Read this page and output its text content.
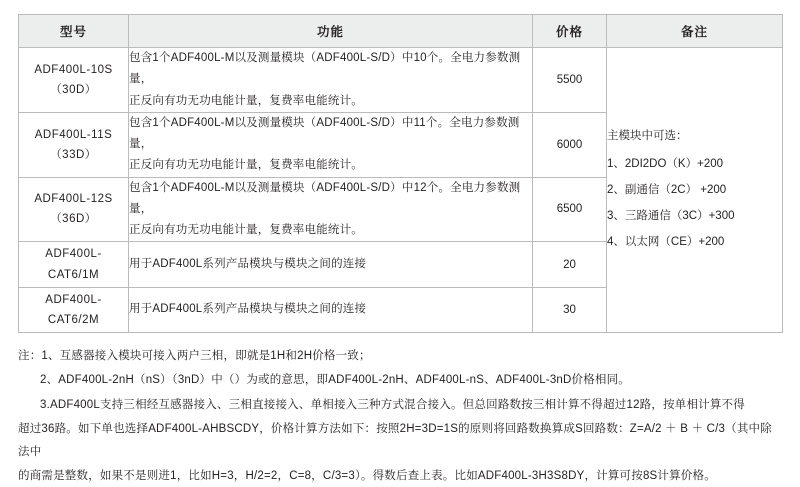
型号	功能	价格	备注

ADF400L-10S
（30D）	包含1个ADF400L-M以及测量模块（ADF400L-S/D）中10个。全电力参数测量，
正反向有功无功电能计量，复费率电能统计。	5500	主模块中可选：
1、2DI2DO（K）+200
2、副通信（2C） +200
3、三路通信（3C）+300
4、以太网（CE）+200

ADF400L-11S
（33D）	包含1个ADF400L-M以及测量模块（ADF400L-S/D）中11个。全电力参数测量，
正反向有功无功电能计量，复费率电能统计。	6000	

ADF400L-12S
（36D）	包含1个ADF400L-M以及测量模块（ADF400L-S/D）中12个。全电力参数测量，
正反向有功无功电能计量，复费率电能统计。	6500	
ADF400L-CAT6/1M	用于ADF400L系列产品模块与模块之间的连接	20	
ADF400L-CAT6/2M	用于ADF400L系列产品模块与模块之间的连接	30	

注：1、互感器接入模块可接入两户三相，即就是1H和2H价格一致；

2、ADF400L-2nH（nS）（3nD）中（）为或的意思，即ADF400L-2nH、ADF400L-nS、ADF400L-3nD价格相同。

3.ADF400L支持三相经互感器接入、三相直接接入、单相接入三种方式混合接入。但总回路数按三相计算不得超过12路，按单相计算不得

超过36路。如下单也选择ADF400L-AHBSCDY，价格计算方法如下：按照2H=3D=1S的原则将回路数换算成S回路数：Z=A/2 ＋ B ＋ C/3（其中除法中

的商需是整数，如果不是则进1，比如H=3，H/2=2，C=8，C/3=3）。得数后查上表。比如ADF400L-3H3S8DY，计算可按8S计算价格。
